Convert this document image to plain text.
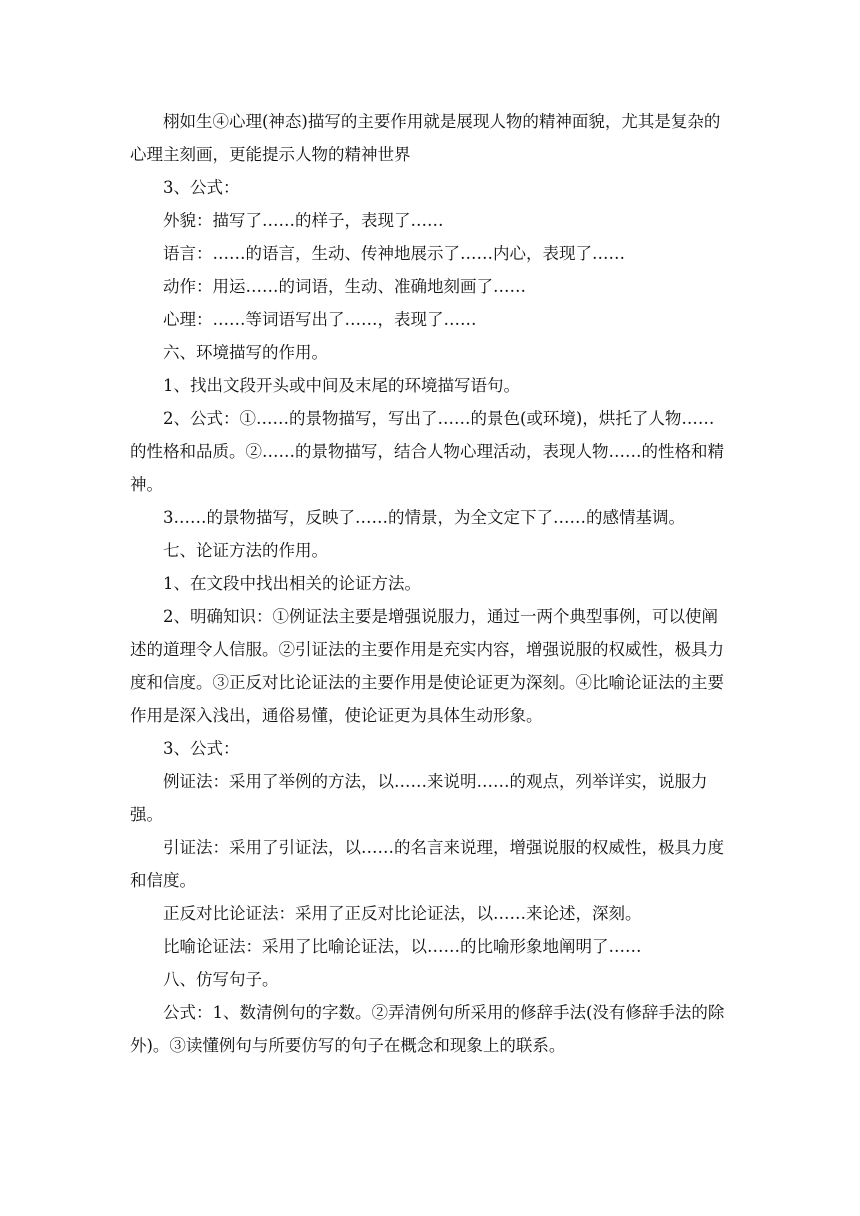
栩如生④心理(神态)描写的主要作用就是展现人物的精神面貌，尤其是复杂的心理主刻画，更能提示人物的精神世界

3、公式：

外貌：描写了……的样子，表现了……

语言：……的语言，生动、传神地展示了……内心，表现了……

动作：用运……的词语，生动、准确地刻画了……

心理：……等词语写出了……，表现了……

六、环境描写的作用。

1、找出文段开头或中间及末尾的环境描写语句。

2、公式：①……的景物描写，写出了……的景色(或环境)，烘托了人物……的性格和品质。②……的景物描写，结合人物心理活动，表现人物……的性格和精神。

3……的景物描写，反映了……的情景，为全文定下了……的感情基调。

七、论证方法的作用。

1、在文段中找出相关的论证方法。

2、明确知识：①例证法主要是增强说服力，通过一两个典型事例，可以使阐述的道理令人信服。②引证法的主要作用是充实内容，增强说服的权威性，极具力度和信度。③正反对比论证法的主要作用是使论证更为深刻。④比喻论证法的主要作用是深入浅出，通俗易懂，使论证更为具体生动形象。

3、公式：

例证法：采用了举例的方法，以……来说明……的观点，列举详实，说服力强。

引证法：采用了引证法，以……的名言来说理，增强说服的权威性，极具力度和信度。

正反对比论证法：采用了正反对比论证法，以……来论述，深刻。

比喻论证法：采用了比喻论证法，以……的比喻形象地阐明了……

八、仿写句子。

公式：1、数清例句的字数。②弄清例句所采用的修辞手法(没有修辞手法的除外)。③读懂例句与所要仿写的句子在概念和现象上的联系。
